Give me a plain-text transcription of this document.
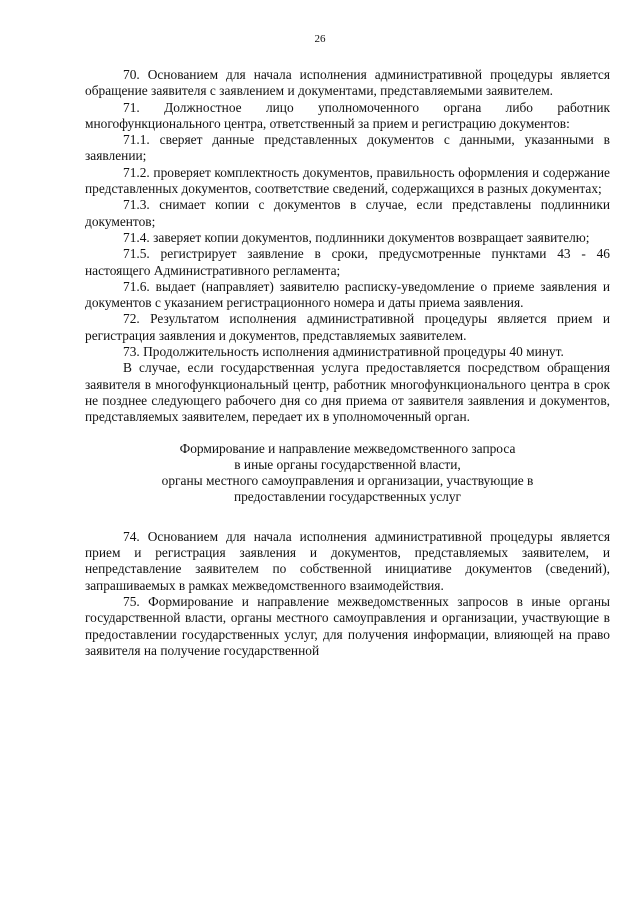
26

70. Основанием для начала исполнения административной процедуры является обращение заявителя с заявлением и документами, представляемыми заявителем.

71. Должностное лицо уполномоченного органа либо работник многофункционального центра, ответственный за прием и регистрацию документов:

71.1. сверяет данные представленных документов с данными, указанными в заявлении;

71.2. проверяет комплектность документов, правильность оформления и содержание представленных документов, соответствие сведений, содержащихся в разных документах;

71.3. снимает копии с документов в случае, если представлены подлинники документов;

71.4. заверяет копии документов, подлинники документов возвращает заявителю;

71.5. регистрирует заявление в сроки, предусмотренные пунктами 43 - 46 настоящего Административного регламента;

71.6. выдает (направляет) заявителю расписку-уведомление о приеме заявления и документов с указанием регистрационного номера и даты приема заявления.

72. Результатом исполнения административной процедуры является прием и регистрация заявления и документов, представляемых заявителем.

73. Продолжительность исполнения административной процедуры 40 минут.

В случае, если государственная услуга предоставляется посредством обращения заявителя в многофункциональный центр, работник многофункционального центра в срок не позднее следующего рабочего дня со дня приема от заявителя заявления и документов, представляемых заявителем, передает их в уполномоченный орган.

Формирование и направление межведомственного запроса
в иные органы государственной власти,
органы местного самоуправления и организации, участвующие в
предоставлении государственных услуг

74. Основанием для начала исполнения административной процедуры является прием и регистрация заявления и документов, представляемых заявителем, и непредставление заявителем по собственной инициативе документов (сведений), запрашиваемых в рамках межведомственного взаимодействия.

75. Формирование и направление межведомственных запросов в иные органы государственной власти, органы местного самоуправления и организации, участвующие в предоставлении государственных услуг, для получения информации, влияющей на право заявителя на получение государственной
